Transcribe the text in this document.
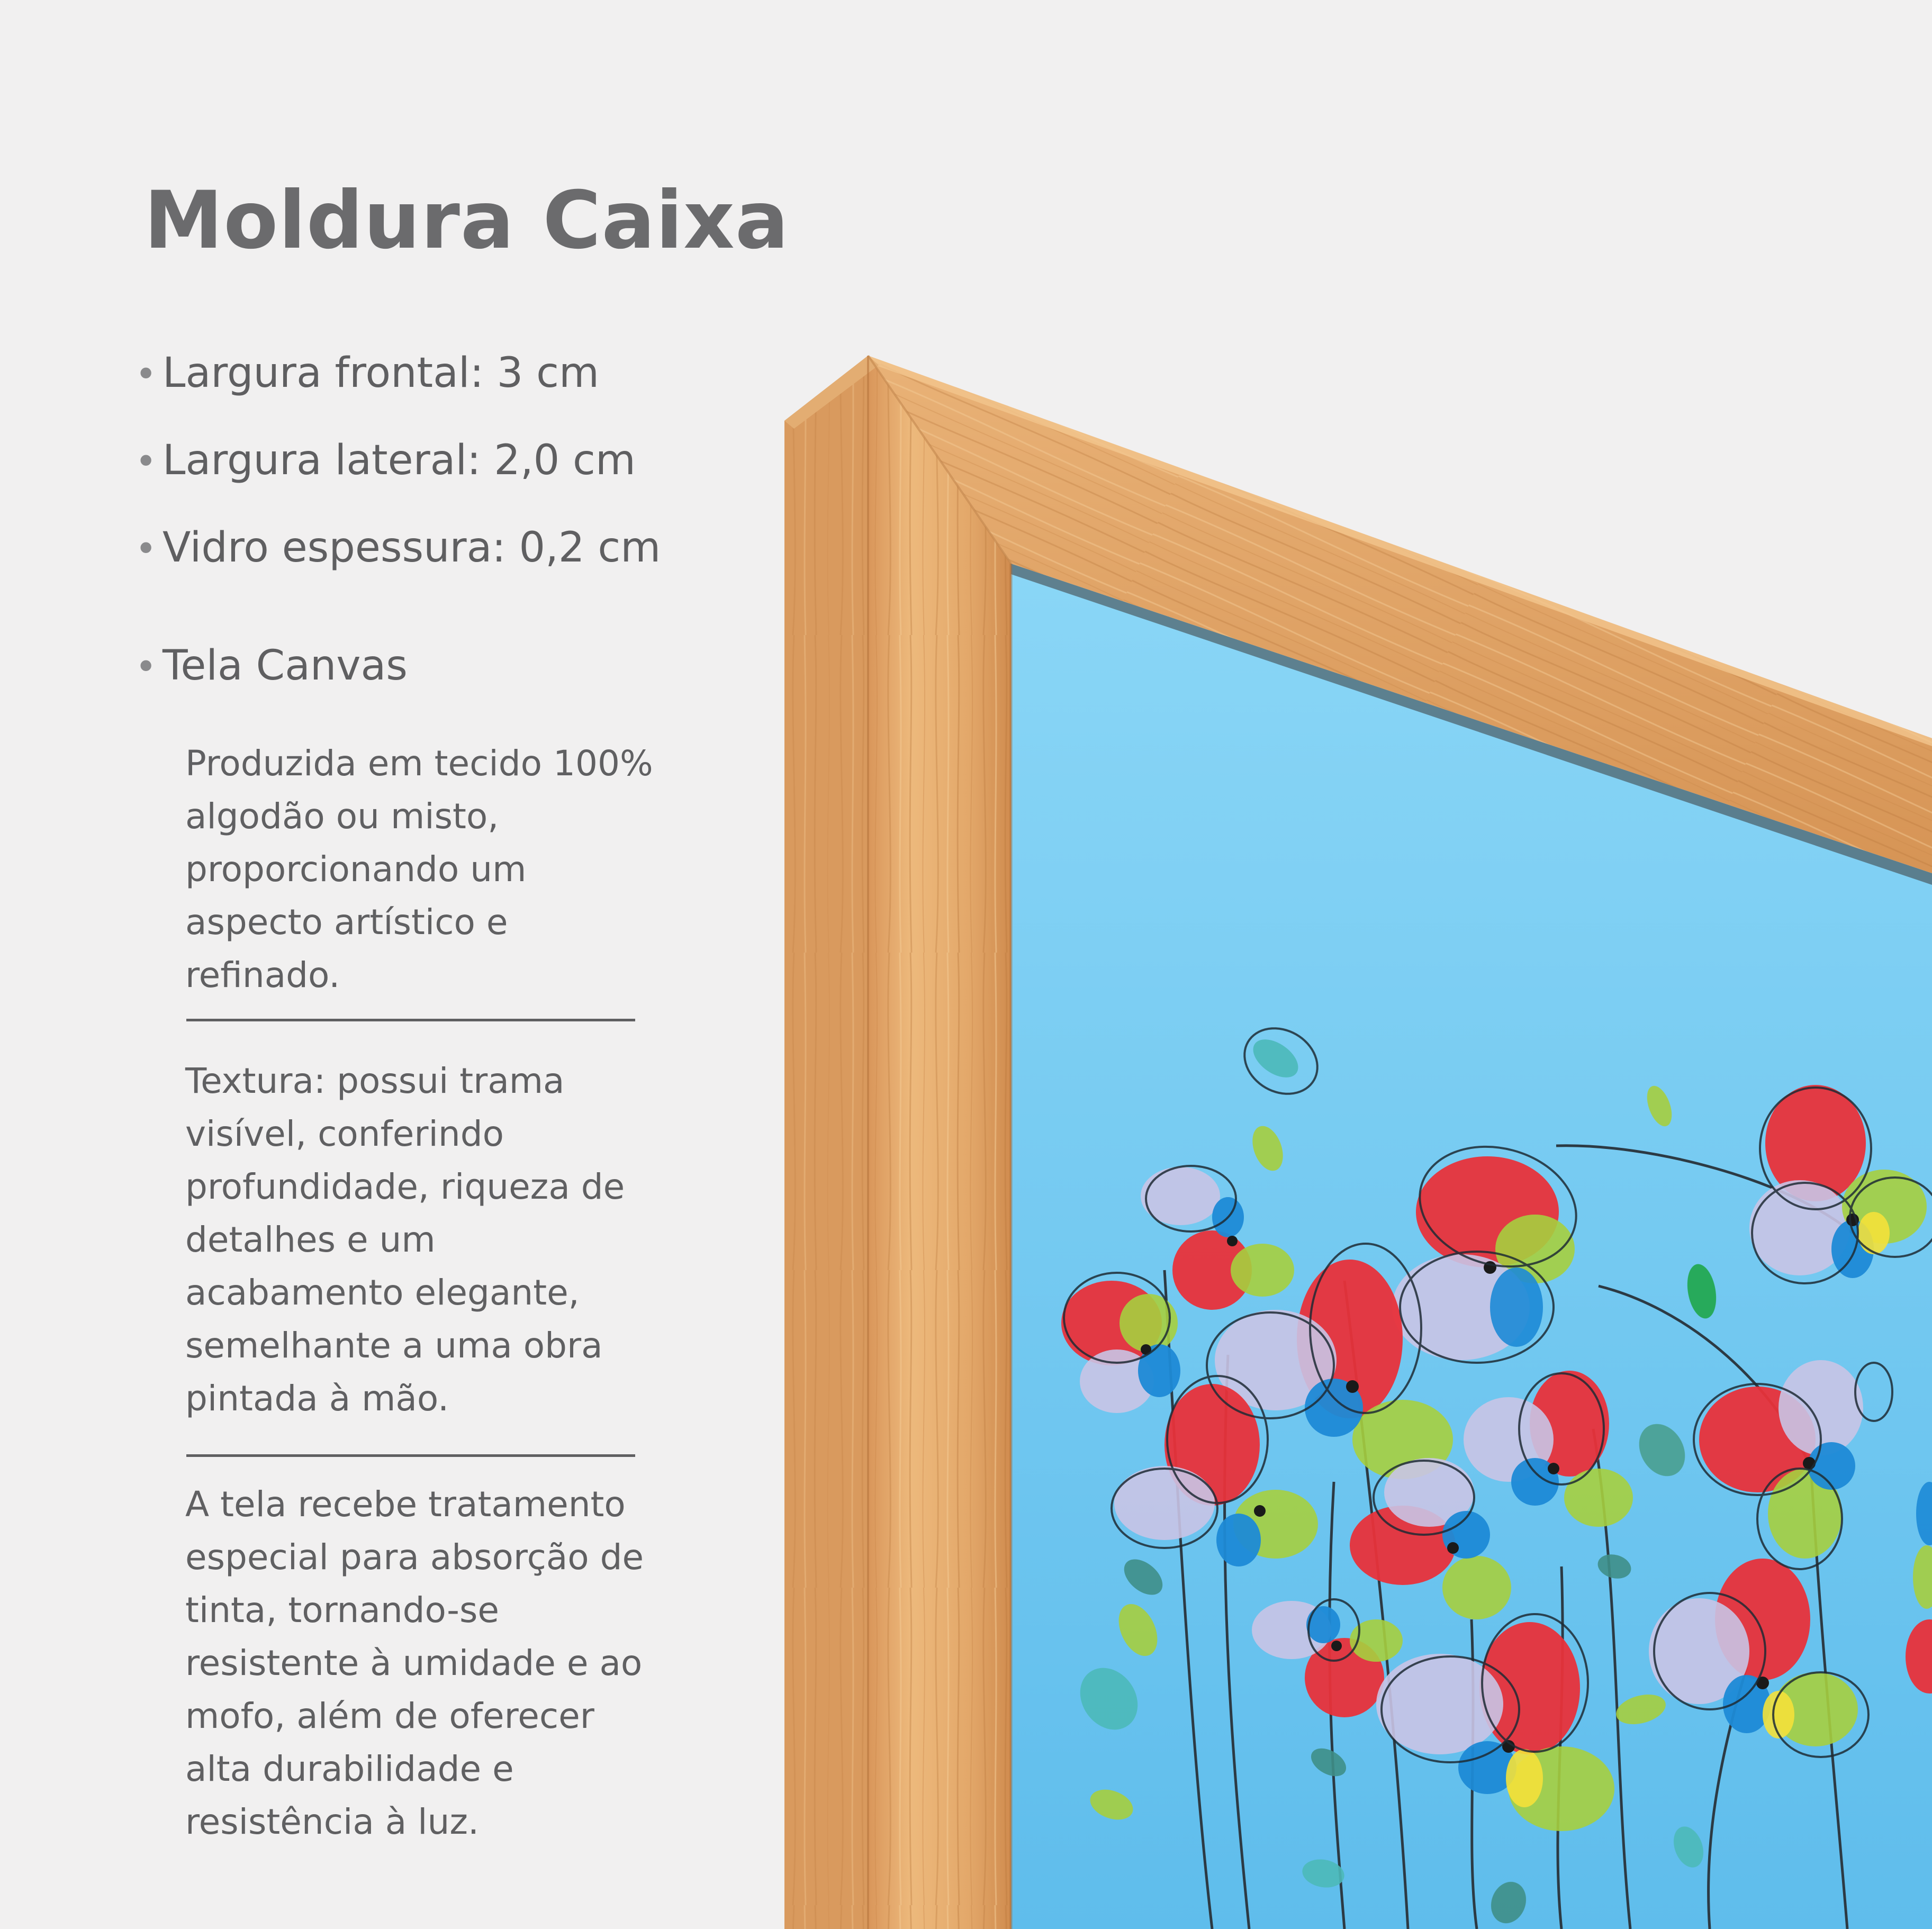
Moldura Caixa
• Largura frontal: 3 cm
• Largura lateral: 2,0 cm
• Vidro espessura: 0,2 cm
• Tela Canvas

Produzida em tecido 100% algodão ou misto, proporcionando um aspecto artístico e refinado.

Textura: possui trama visível, conferindo profundidade, riqueza de detalhes e um acabamento elegante, semelhante a uma obra pintada à mão.

A tela recebe tratamento especial para absorção de tinta, tornando-se resistente à umidade e ao mofo, além de oferecer alta durabilidade e resistência à luz.
